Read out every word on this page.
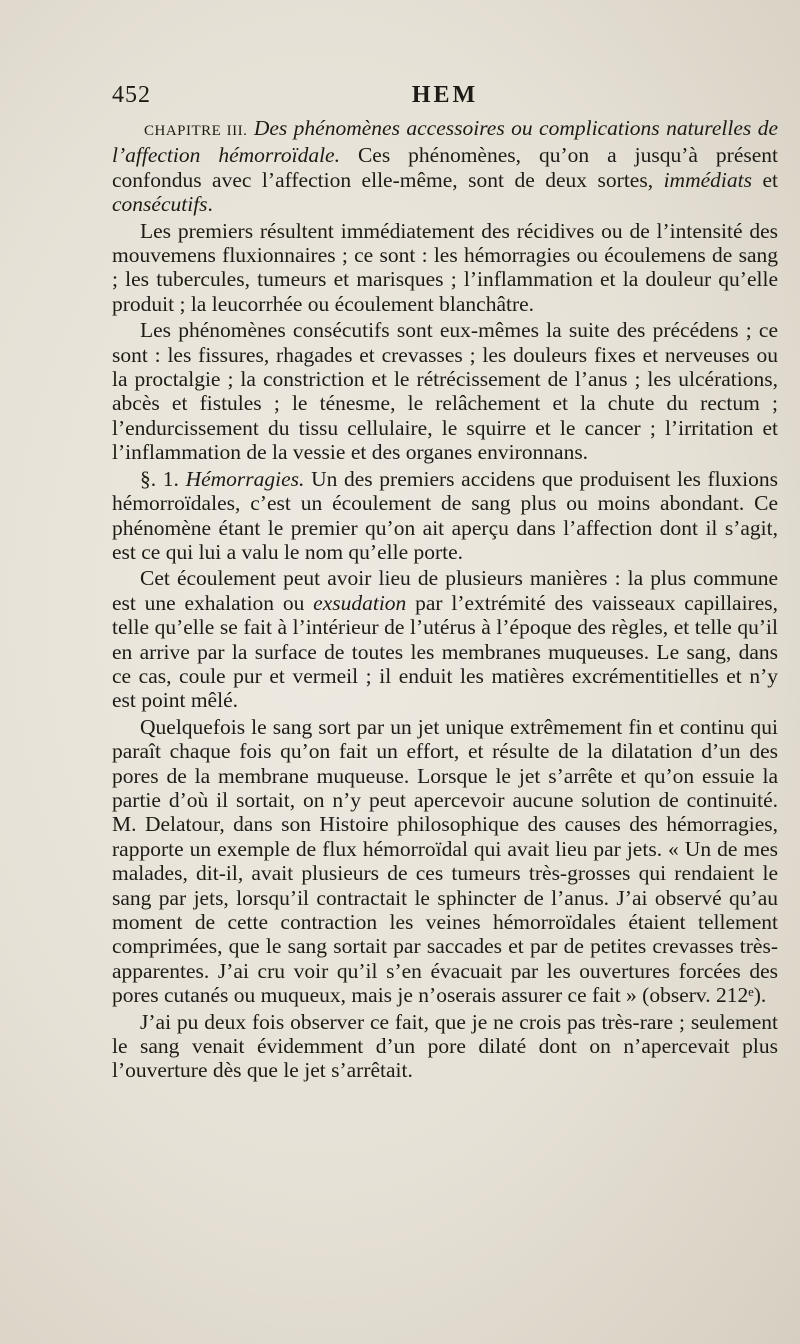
452	HEM

CHAPITRE III. Des phénomènes accessoires ou complications naturelles de l’affection hémorroïdale. Ces phénomènes, qu’on a jusqu’à présent confondus avec l’affection elle-même, sont de deux sortes, immédiats et consécutifs.

Les premiers résultent immédiatement des récidives ou de l’intensité des mouvemens fluxionnaires ; ce sont : les hémorragies ou écoulemens de sang ; les tubercules, tumeurs et marisques ; l’inflammation et la douleur qu’elle produit ; la leucorrhée ou écoulement blanchâtre.

Les phénomènes consécutifs sont eux-mêmes la suite des précédens ; ce sont : les fissures, rhagades et crevasses ; les douleurs fixes et nerveuses ou la proctalgie ; la constriction et le rétrécissement de l’anus ; les ulcérations, abcès et fistules ; le ténesme, le relâchement et la chute du rectum ; l’endurcissement du tissu cellulaire, le squirre et le cancer ; l’irritation et l’inflammation de la vessie et des organes environnans.

§. 1. Hémorragies. Un des premiers accidens que produisent les fluxions hémorroïdales, c’est un écoulement de sang plus ou moins abondant. Ce phénomène étant le premier qu’on ait aperçu dans l’affection dont il s’agit, est ce qui lui a valu le nom qu’elle porte.

Cet écoulement peut avoir lieu de plusieurs manières : la plus commune est une exhalation ou exsudation par l’extrémité des vaisseaux capillaires, telle qu’elle se fait à l’intérieur de l’utérus à l’époque des règles, et telle qu’il en arrive par la surface de toutes les membranes muqueuses. Le sang, dans ce cas, coule pur et vermeil ; il enduit les matières excrémentitielles et n’y est point mêlé.

Quelquefois le sang sort par un jet unique extrêmement fin et continu qui paraît chaque fois qu’on fait un effort, et résulte de la dilatation d’un des pores de la membrane muqueuse. Lorsque le jet s’arrête et qu’on essuie la partie d’où il sortait, on n’y peut apercevoir aucune solution de continuité. M. Delatour, dans son Histoire philosophique des causes des hémorragies, rapporte un exemple de flux hémorroïdal qui avait lieu par jets. « Un de mes malades, dit-il, avait plusieurs de ces tumeurs très-grosses qui rendaient le sang par jets, lorsqu’il contractait le sphincter de l’anus. J’ai observé qu’au moment de cette contraction les veines hémorroïdales étaient tellement comprimées, que le sang sortait par saccades et par de petites crevasses très-apparentes. J’ai cru voir qu’il s’en évacuait par les ouvertures forcées des pores cutanés ou muqueux, mais je n’oserais assurer ce fait » (observ. 212ᵉ).

J’ai pu deux fois observer ce fait, que je ne crois pas très-rare ; seulement le sang venait évidemment d’un pore dilaté dont on n’apercevait plus l’ouverture dès que le jet s’arrêtait.
